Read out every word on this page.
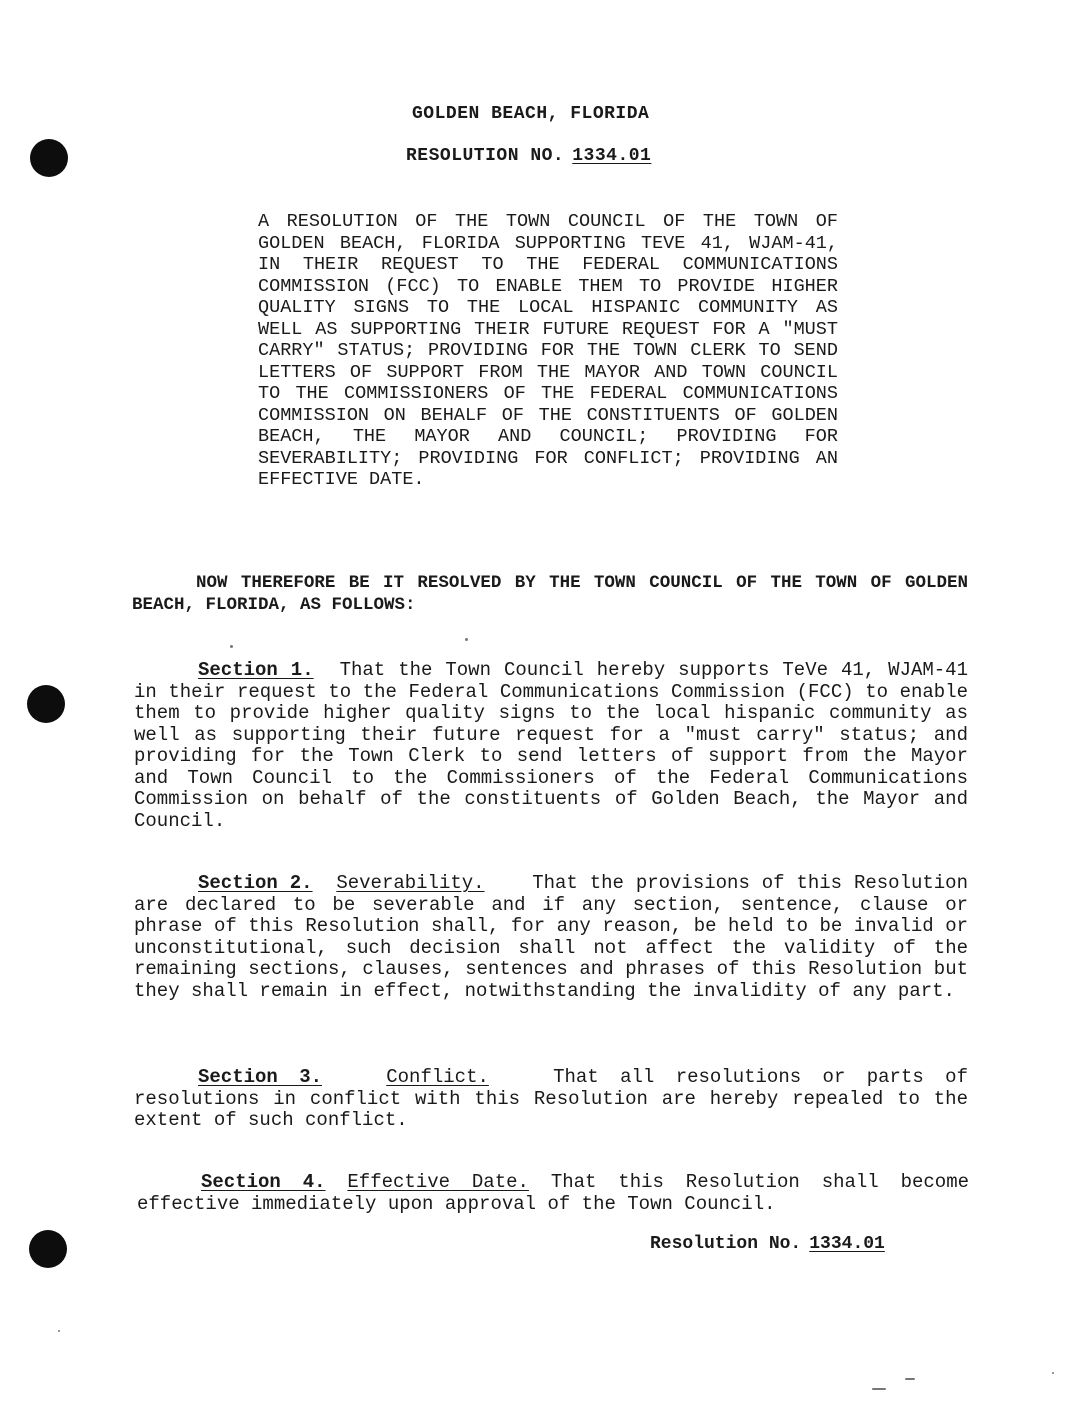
GOLDEN BEACH, FLORIDA
RESOLUTION NO. 1334.01
A RESOLUTION OF THE TOWN COUNCIL OF THE TOWN OF GOLDEN BEACH, FLORIDA SUPPORTING TEVE 41, WJAM-41, IN THEIR REQUEST TO THE FEDERAL COMMUNICATIONS COMMISSION (FCC) TO ENABLE THEM TO PROVIDE HIGHER QUALITY SIGNS TO THE LOCAL HISPANIC COMMUNITY AS WELL AS SUPPORTING THEIR FUTURE REQUEST FOR A "MUST CARRY" STATUS; PROVIDING FOR THE TOWN CLERK TO SEND LETTERS OF SUPPORT FROM THE MAYOR AND TOWN COUNCIL TO THE COMMISSIONERS OF THE FEDERAL COMMUNICATIONS COMMISSION ON BEHALF OF THE CONSTITUENTS OF GOLDEN BEACH, THE MAYOR AND COUNCIL; PROVIDING FOR SEVERABILITY; PROVIDING FOR CONFLICT; PROVIDING AN EFFECTIVE DATE.
NOW THEREFORE BE IT RESOLVED BY THE TOWN COUNCIL OF THE TOWN OF GOLDEN BEACH, FLORIDA, AS FOLLOWS:
Section 1. That the Town Council hereby supports TeVe 41, WJAM-41 in their request to the Federal Communications Commission (FCC) to enable them to provide higher quality signs to the local hispanic community as well as supporting their future request for a "must carry" status; and providing for the Town Clerk to send letters of support from the Mayor and Town Council to the Commissioners of the Federal Communications Commission on behalf of the constituents of Golden Beach, the Mayor and Council.
Section 2. Severability.	That the provisions of this Resolution are declared to be severable and if any section, sentence, clause or phrase of this Resolution shall, for any reason, be held to be invalid or unconstitutional, such decision shall not affect the validity of the remaining sections, clauses, sentences and phrases of this Resolution but they shall remain in effect, notwithstanding the invalidity of any part.
Section 3.	Conflict.	That all resolutions or parts of resolutions in conflict with this Resolution are hereby repealed to the extent of such conflict.
Section 4. Effective Date. That this Resolution shall become effective immediately upon approval of the Town Council.
Resolution No. 1334.01
